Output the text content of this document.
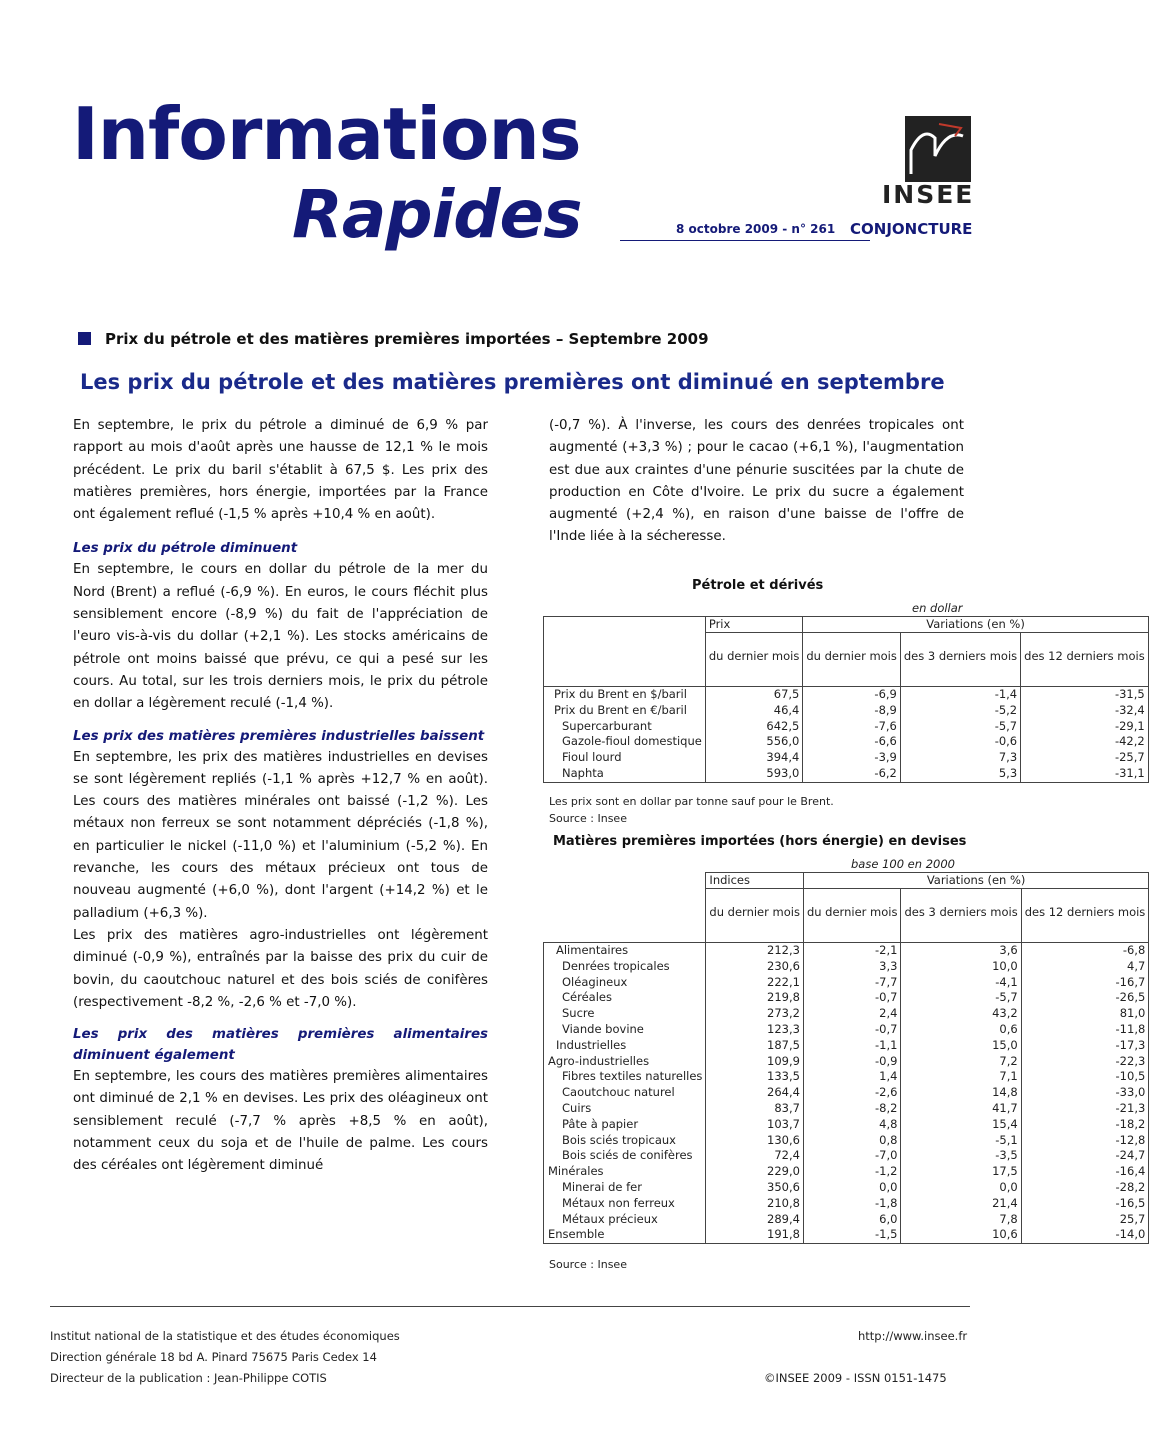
Informations
Rapides	8 octobre 2009 - n° 261 CONJONCTURE
INSEE
Prix du pétrole et des matières premières importées – Septembre 2009
Les prix du pétrole et des matières premières ont diminué en septembre

En septembre, le prix du pétrole a diminué de 6,9 % par rapport au mois d'août après une hausse de 12,1 % le mois précédent. Le prix du baril s'établit à 67,5 $. Les prix des matières premières, hors énergie, importées par la France ont également reflué (-1,5 % après +10,4 % en août).

Les prix du pétrole diminuent

En septembre, le cours en dollar du pétrole de la mer du Nord (Brent) a reflué (-6,9 %). En euros, le cours fléchit plus sensiblement encore (-8,9 %) du fait de l'appréciation de l'euro vis-à-vis du dollar (+2,1 %). Les stocks américains de pétrole ont moins baissé que prévu, ce qui a pesé sur les cours. Au total, sur les trois derniers mois, le prix du pétrole en dollar a légèrement reculé (-1,4 %).

Les prix des matières premières industrielles baissent

En septembre, les prix des matières industrielles en devises se sont légèrement repliés (-1,1 % après +12,7 % en août). Les cours des matières minérales ont baissé (-1,2 %). Les métaux non ferreux se sont notamment dépréciés (-1,8 %), en particulier le nickel (-11,0 %) et l'aluminium (-5,2 %). En revanche, les cours des métaux précieux ont tous de nouveau augmenté (+6,0 %), dont l'argent (+14,2 %) et le palladium (+6,3 %).

Les prix des matières agro-industrielles ont légèrement diminué (-0,9 %), entraînés par la baisse des prix du cuir de bovin, du caoutchouc naturel et des bois sciés de conifères (respectivement -8,2 %, -2,6 % et -7,0 %).

Les prix des matières premières alimentaires diminuent également

En septembre, les cours des matières premières alimentaires ont diminué de 2,1 % en devises. Les prix des oléagineux ont sensiblement reculé (-7,7 % après +8,5 % en août), notamment ceux du soja et de l'huile de palme. Les cours des céréales ont légèrement diminué

(-0,7 %). À l'inverse, les cours des denrées tropicales ont augmenté (+3,3 %) ; pour le cacao (+6,1 %), l'augmentation est due aux craintes d'une pénurie suscitées par la chute de production en Côte d'Ivoire. Le prix du sucre a également augmenté (+2,4 %), en raison d'une baisse de l'offre de l'Inde liée à la sécheresse.

Pétrole et dérivés
en dollar
	Prix	Variations (en %)		
	du dernier mois	du dernier mois	des 3 derniers mois	des 12 derniers mois
Prix du Brent en $/baril	67,5	-6,9	-1,4	-31,5
Prix du Brent en €/baril	46,4	-8,9	-5,2	-32,4
Supercarburant	642,5	-7,6	-5,7	-29,1
Gazole-fioul domestique	556,0	-6,6	-0,6	-42,2
Fioul lourd	394,4	-3,9	7,3	-25,7
Naphta	593,0	-6,2	5,3	-31,1
Les prix sont en dollar par tonne sauf pour le Brent.
Source : Insee
Matières premières importées (hors énergie) en devises
base 100 en 2000
	Indices	Variations (en %)		
	du dernier mois	du dernier mois	des 3 derniers mois	des 12 derniers mois
Alimentaires	212,3	-2,1	3,6	-6,8
Denrées tropicales	230,6	3,3	10,0	4,7
Oléagineux	222,1	-7,7	-4,1	-16,7
Céréales	219,8	-0,7	-5,7	-26,5
Sucre	273,2	2,4	43,2	81,0
Viande bovine	123,3	-0,7	0,6	-11,8
Industrielles	187,5	-1,1	15,0	-17,3
Agro-industrielles	109,9	-0,9	7,2	-22,3
Fibres textiles naturelles	133,5	1,4	7,1	-10,5
Caoutchouc naturel	264,4	-2,6	14,8	-33,0
Cuirs	83,7	-8,2	41,7	-21,3
Pâte à papier	103,7	4,8	15,4	-18,2
Bois sciés tropicaux	130,6	0,8	-5,1	-12,8
Bois sciés de conifères	72,4	-7,0	-3,5	-24,7
Minérales	229,0	-1,2	17,5	-16,4
Minerai de fer	350,6	0,0	0,0	-28,2
Métaux non ferreux	210,8	-1,8	21,4	-16,5
Métaux précieux	289,4	6,0	7,8	25,7
Ensemble	191,8	-1,5	10,6	-14,0
Source : Insee
Institut national de la statistique et des études économiques
Direction générale 18 bd A. Pinard 75675 Paris Cedex 14
Directeur de la publication : Jean-Philippe COTIS
http://www.insee.fr
©INSEE 2009 - ISSN 0151-1475
